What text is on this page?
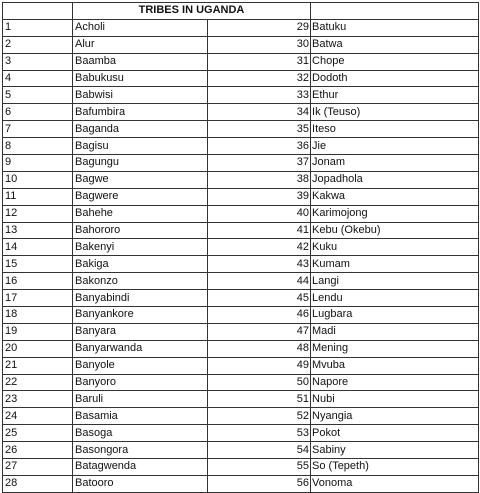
	TRIBES IN UGANDA		
1	Acholi	29	Batuku
2	Alur	30	Batwa
3	Baamba	31	Chope
4	Babukusu	32	Dodoth
5	Babwisi	33	Ethur
6	Bafumbira	34	Ik (Teuso)
7	Baganda	35	Iteso
8	Bagisu	36	Jie
9	Bagungu	37	Jonam
10	Bagwe	38	Jopadhola
11	Bagwere	39	Kakwa
12	Bahehe	40	Karimojong
13	Bahororo	41	Kebu (Okebu)
14	Bakenyi	42	Kuku
15	Bakiga	43	Kumam
16	Bakonzo	44	Langi
17	Banyabindi	45	Lendu
18	Banyankore	46	Lugbara
19	Banyara	47	Madi
20	Banyarwanda	48	Mening
21	Banyole	49	Mvuba
22	Banyoro	50	Napore
23	Baruli	51	Nubi
24	Basamia	52	Nyangia
25	Basoga	53	Pokot
26	Basongora	54	Sabiny
27	Batagwenda	55	So (Tepeth)
28	Batooro	56	Vonoma
